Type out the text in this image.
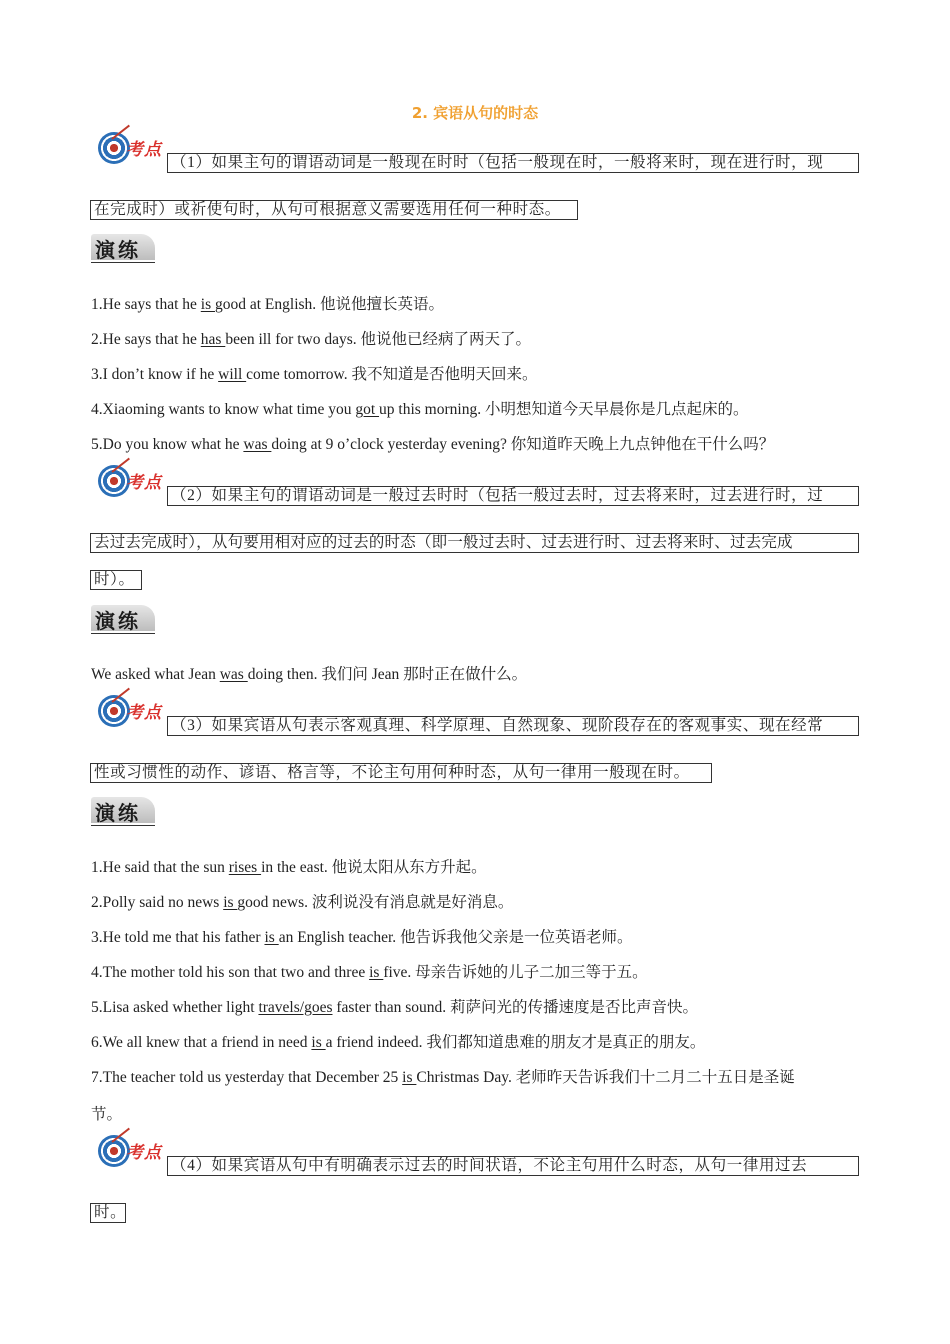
2. 宾语从句的时态
考点
（1）如果主句的谓语动词是一般现在时时（包括一般现在时，一般将来时，现在进行时，现
在完成时）或祈使句时，从句可根据意义需要选用任何一种时态。
演练
1.He says that he is good at English. 他说他擅长英语。
2.He says that he has been ill for two days. 他说他已经病了两天了。
3.I don’t know if he will come tomorrow. 我不知道是否他明天回来。
4.Xiaoming wants to know what time you got up this morning. 小明想知道今天早晨你是几点起床的。
5.Do you know what he was doing at 9 o’clock yesterday evening? 你知道昨天晚上九点钟他在干什么吗？
考点
（2）如果主句的谓语动词是一般过去时时（包括一般过去时，过去将来时，过去进行时，过
去过去完成时），从句要用相对应的过去的时态（即一般过去时、过去进行时、过去将来时、过去完成
时）。
演练
We asked what Jean was doing then. 我们问 Jean 那时正在做什么。
考点
（3）如果宾语从句表示客观真理、科学原理、自然现象、现阶段存在的客观事实、现在经常
性或习惯性的动作、谚语、格言等，不论主句用何种时态，从句一律用一般现在时。
演练
1.He said that the sun rises in the east. 他说太阳从东方升起。
2.Polly said no news is good news. 波利说没有消息就是好消息。
3.He told me that his father is an English teacher. 他告诉我他父亲是一位英语老师。
4.The mother told his son that two and three is five. 母亲告诉她的儿子二加三等于五。
5.Lisa asked whether light travels/goes faster than sound. 莉萨问光的传播速度是否比声音快。
6.We all knew that a friend in need is a friend indeed. 我们都知道患难的朋友才是真正的朋友。
7.The teacher told us yesterday that December 25 is Christmas Day. 老师昨天告诉我们十二月二十五日是圣诞
节。
考点
（4）如果宾语从句中有明确表示过去的时间状语，不论主句用什么时态，从句一律用过去
时。
